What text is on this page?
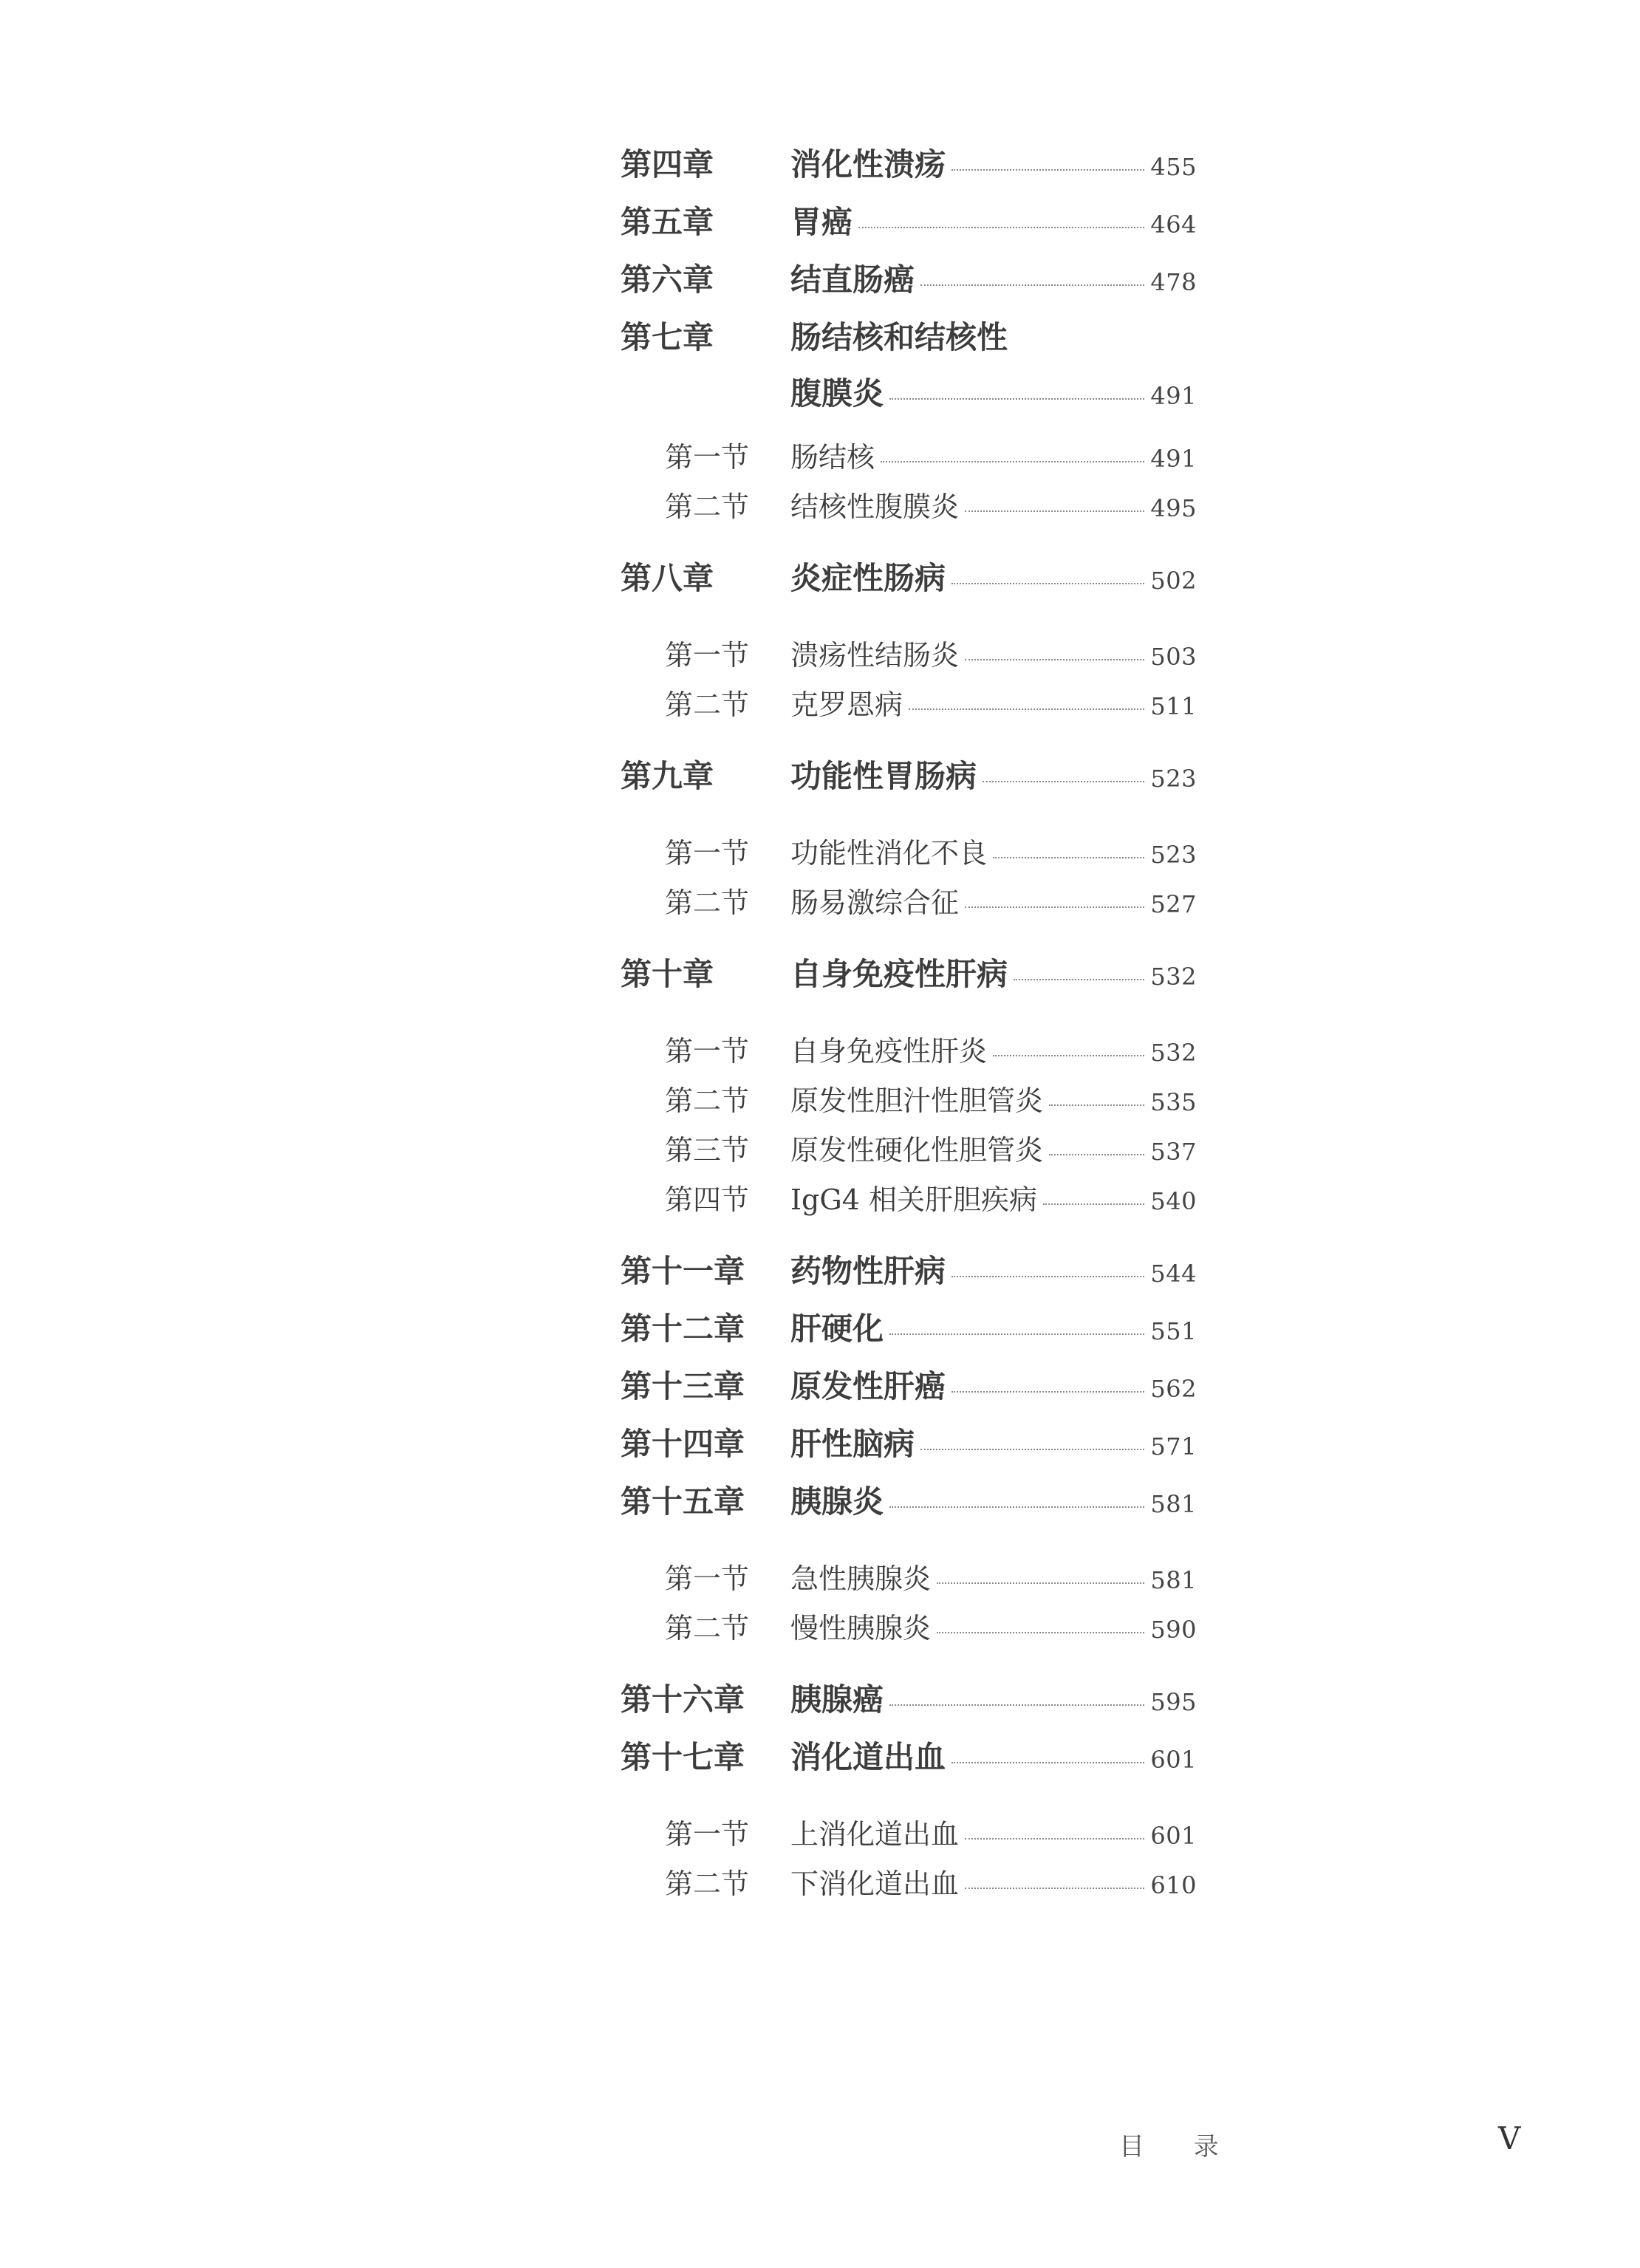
第四章	消化性溃疡	455
第五章	胃癌	464
第六章	结直肠癌	478
第七章	肠结核和结核性
腹膜炎	491
第一节	肠结核	491
第二节	结核性腹膜炎	495
第八章	炎症性肠病	502
第一节	溃疡性结肠炎	503
第二节	克罗恩病	511
第九章	功能性胃肠病	523
第一节	功能性消化不良	523
第二节	肠易激综合征	527
第十章	自身免疫性肝病	532
第一节	自身免疫性肝炎	532
第二节	原发性胆汁性胆管炎	535
第三节	原发性硬化性胆管炎	537
第四节	IgG4 相关肝胆疾病	540
第十一章	药物性肝病	544
第十二章	肝硬化	551
第十三章	原发性肝癌	562
第十四章	肝性脑病	571
第十五章	胰腺炎	581
第一节	急性胰腺炎	581
第二节	慢性胰腺炎	590
第十六章	胰腺癌	595
第十七章	消化道出血	601
第一节	上消化道出血	601
第二节	下消化道出血	610
目 录	V
